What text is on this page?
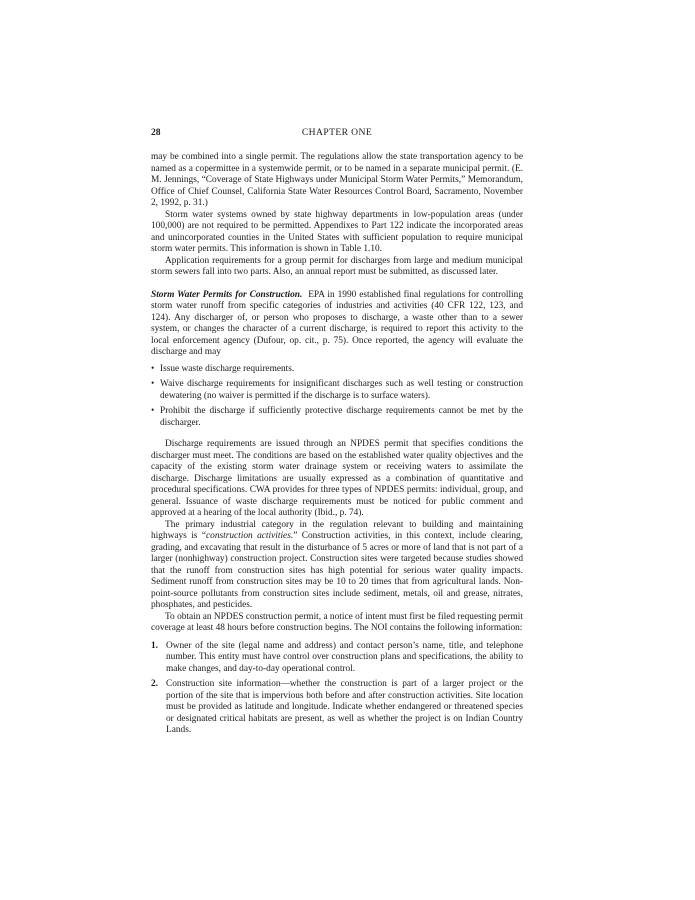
28	CHAPTER ONE

may be combined into a single permit. The regulations allow the state transportation agency to be named as a copermittee in a systemwide permit, or to be named in a separate municipal permit. (E. M. Jennings, “Coverage of State Highways under Municipal Storm Water Permits,” Memorandum, Office of Chief Counsel, California State Water Resources Control Board, Sacramento, November 2, 1992, p. 31.)

Storm water systems owned by state highway departments in low-population areas (under 100,000) are not required to be permitted. Appendixes to Part 122 indicate the incorporated areas and unincorporated counties in the United States with sufficient population to require municipal storm water permits. This information is shown in Table 1.10.

Application requirements for a group permit for discharges from large and medium municipal storm sewers fall into two parts. Also, an annual report must be submitted, as discussed later.

Storm Water Permits for Construction. EPA in 1990 established final regulations for controlling storm water runoff from specific categories of industries and activities (40 CFR 122, 123, and 124). Any discharger of, or person who proposes to discharge, a waste other than to a sewer system, or changes the character of a current discharge, is required to report this activity to the local enforcement agency (Dufour, op. cit., p. 75). Once reported, the agency will evaluate the discharge and may

• Issue waste discharge requirements.
• Waive discharge requirements for insignificant discharges such as well testing or construction dewatering (no waiver is permitted if the discharge is to surface waters).
• Prohibit the discharge if sufficiently protective discharge requirements cannot be met by the discharger.

Discharge requirements are issued through an NPDES permit that specifies conditions the discharger must meet. The conditions are based on the established water quality objectives and the capacity of the existing storm water drainage system or receiving waters to assimilate the discharge. Discharge limitations are usually expressed as a combination of quantitative and procedural specifications. CWA provides for three types of NPDES permits: individual, group, and general. Issuance of waste discharge requirements must be noticed for public comment and approved at a hearing of the local authority (Ibid., p. 74).

The primary industrial category in the regulation relevant to building and maintaining highways is “construction activities.” Construction activities, in this context, include clearing, grading, and excavating that result in the disturbance of 5 acres or more of land that is not part of a larger (nonhighway) construction project. Construction sites were targeted because studies showed that the runoff from construction sites has high potential for serious water quality impacts. Sediment runoff from construction sites may be 10 to 20 times that from agricultural lands. Non-point-source pollutants from construction sites include sediment, metals, oil and grease, nitrates, phosphates, and pesticides.

To obtain an NPDES construction permit, a notice of intent must first be filed requesting permit coverage at least 48 hours before construction begins. The NOI contains the following information:

1. Owner of the site (legal name and address) and contact person’s name, title, and telephone number. This entity must have control over construction plans and specifications, the ability to make changes, and day-to-day operational control.
2. Construction site information—whether the construction is part of a larger project or the portion of the site that is impervious both before and after construction activities. Site location must be provided as latitude and longitude. Indicate whether endangered or threatened species or designated critical habitats are present, as well as whether the project is on Indian Country Lands.
